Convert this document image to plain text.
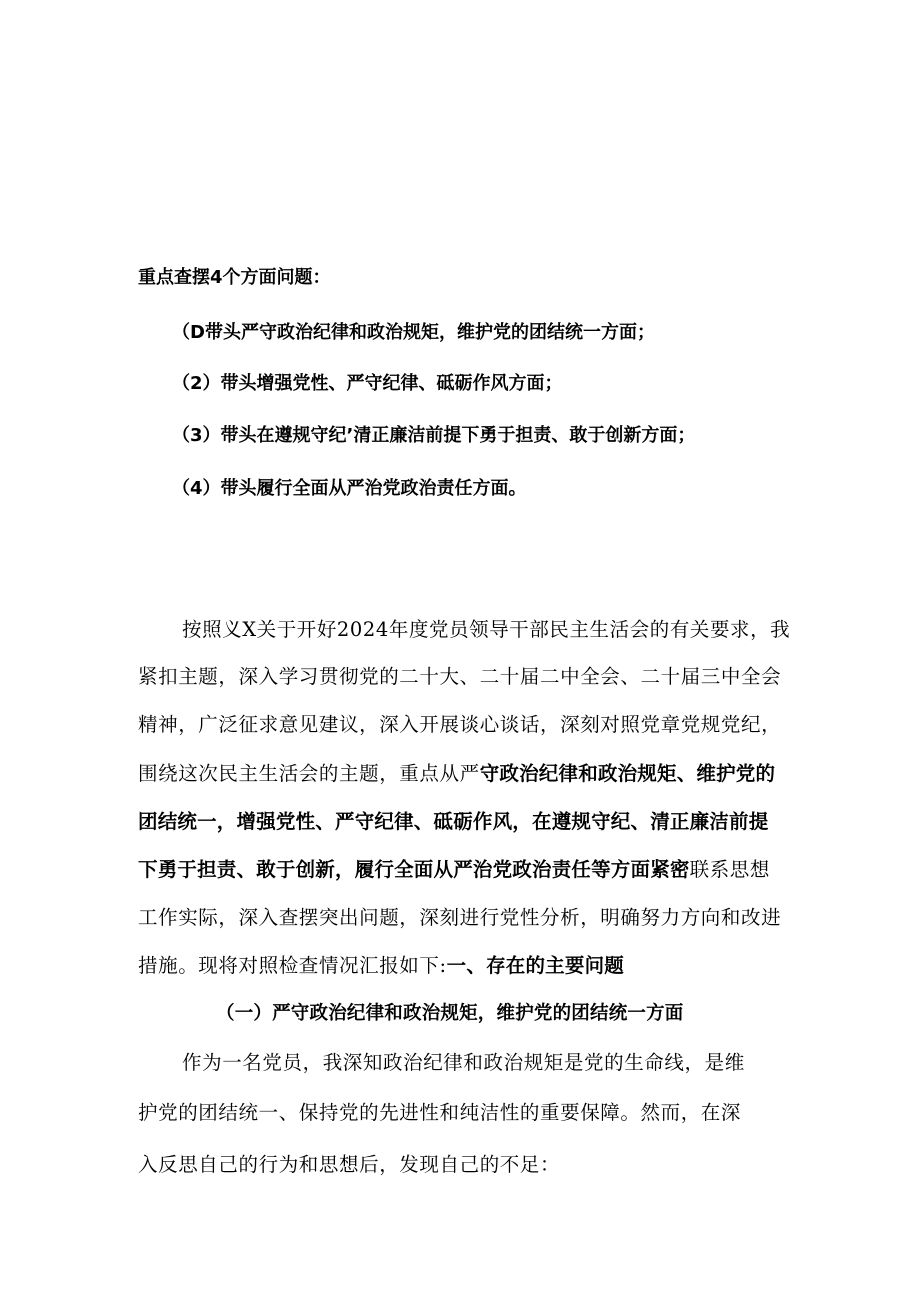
重点查摆4个方面问题：
（D带头严守政治纪律和政治规矩，维护党的团结统一方面；
（2）带头增强党性、严守纪律、砥砺作风方面；
（3）带头在遵规守纪’清正廉洁前提下勇于担责、敢于创新方面；
（4）带头履行全面从严治党政治责任方面。
按照义X关于开好2024年度党员领导干部民主生活会的有关要求，我
紧扣主题，深入学习贯彻党的二十大、二十届二中全会、二十届三中全会
精神，广泛征求意见建议，深入开展谈心谈话，深刻对照党章党规党纪，
围绕这次民主生活会的主题，重点从严守政治纪律和政治规矩、维护党的
团结统一，增强党性、严守纪律、砥砺作风，在遵规守纪、清正廉洁前提
下勇于担责、敢于创新，履行全面从严治党政治责任等方面紧密联系思想
工作实际，深入查摆突出问题，深刻进行党性分析，明确努力方向和改进
措施。现将对照检查情况汇报如下:一、存在的主要问题
（一）严守政治纪律和政治规矩，维护党的团结统一方面
作为一名党员，我深知政治纪律和政治规矩是党的生命线，是维
护党的团结统一、保持党的先进性和纯洁性的重要保障。然而，在深
入反思自己的行为和思想后，发现自己的不足：
